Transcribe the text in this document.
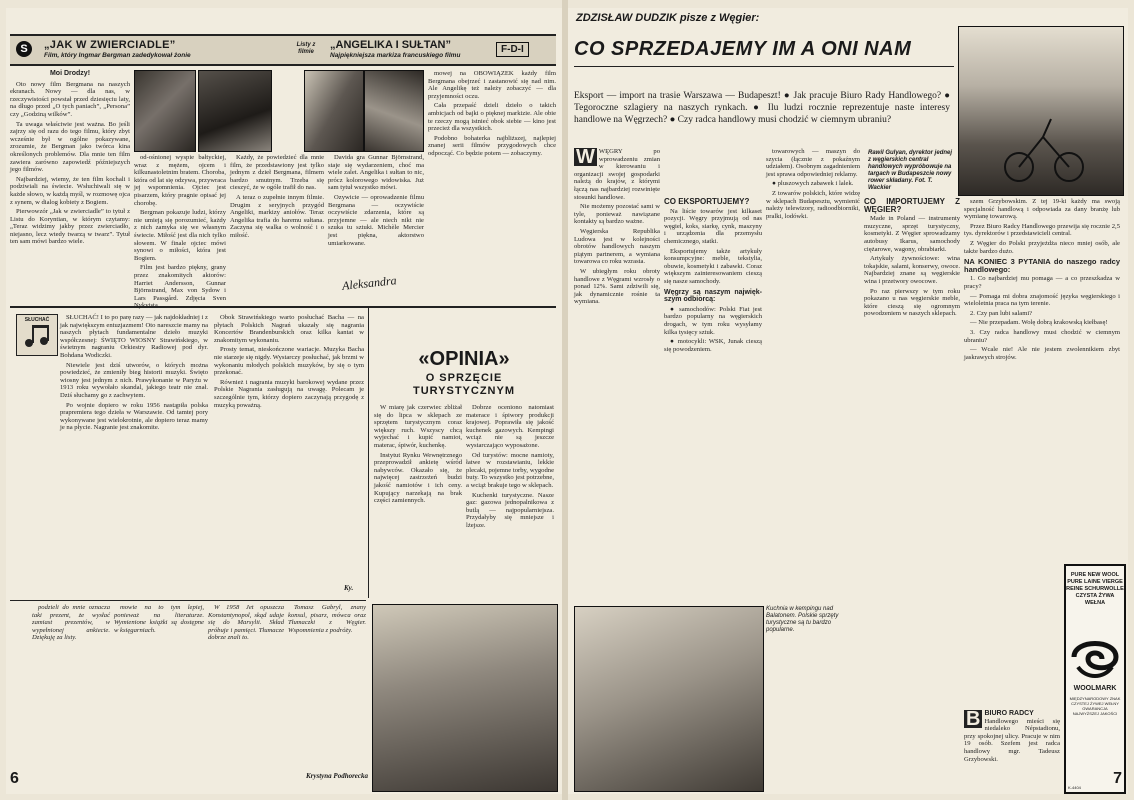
S	„JAK W ZWIERCIADLE”
Film, który Ingmar Bergman zadedykował żonie
Listy z filmie
„ANGELIKA I SUŁTAN”
Najpiękniejsza markiza francuskiego filmu
F-D-I
Moi Drodzy!

Oto nowy film Bergmana na naszych ekranach. Nowy — dla nas, w rzeczywistości powstał przed dziesięciu laty, na długo przed „O tych paniach”, „Persona” czy „Godziną wilków”.

Ta uwaga właściwie jest ważna. Bo jeśli zajrzy się od razu do tego filmu, który zbyt wcześnie był w ogólne pokazywane, zrozumie, że Bergman jako twórca kina określonych problemów. Dla mnie ten film zawiera zarówno zapowiedź późniejszych jego filmów.

Najbardziej, wiemy, że ten film kochali i podziwiali na świecie. Wsłuchiwali się w każde słowo, w każdą myśl, w rozmowę ojca z synem, w dialog kobiety z Bogiem.

Pierwowzór „Jak w zwierciadle” to tytuł z Listu do Koryntian, w którym czytamy: „Teraz widzimy jakby przez zwierciadło, niejasno, lecz wtedy twarzą w twarz”. Tytuł ten sam mówi bardzo wiele.

mowej na OBOWIĄZEK każdy film Bergmana obejrzeć i zastanowić się nad nim. Ale Angelikę też należy zobaczyć — dla przyjemności oczu.

Cała przepaść dzieli dzieło o takich ambicjach od bajki o pięknej markizie. Ale obie te rzeczy mogą istnieć obok siebie — kino jest przecież dla wszystkich.

Podobno bohaterka najbliższej, najlepiej znanej serii filmów przygodowych chce odpocząć. Co będzie potem — zobaczymy.

od-ośnionej wyspie bałtyckiej, wraz z mężem, ojcem i kilkunastoletnim bratem. Choroba, która od lat się odzywa, przywraca jej wspomnienia. Ojciec jest pisarzem, który pragnie opisać jej chorobę.

Bergman pokazuje ludzi, którzy nie umieją się porozumieć, każdy z nich zamyka się we własnym świecie. Miłość jest dla nich tylko słowem. W finale ojciec mówi synowi o miłości, która jest Bogiem.

Film jest bardzo piękny, grany przez znakomitych aktorów: Harriet Andersson, Gunnar Björnstrand, Max von Sydow i Lars Passgård. Zdjęcia Sven

Każdy, że powiedzieć dla mnie film, że przedstawiony jest tylko jednym z dzieł Bergmana, filmem bardzo smutnym. Trzeba się cieszyć, że w ogóle trafił do nas.

A teraz o zupełnie innym filmie. Drugim z seryjnych przygód Angeliki, markizy aniołów. Teraz Angelika trafia do haremu sułtana. Zaczyna się walka o wolność i o miłość.

Davida gra Gunnar Björnstrand, staje się wydarzeniem, choć ma wiele zalet. Angelika i sułtan to nic, prócz kolorowego widowiska. Już sam tytuł wszystko mówi.

Ozywicie — oprowadzenie filmu Bergmana — oczywiście oczywiście zdarzenia, które są przyjemne — ale niech nikt nie szuka tu sztuki. Michèle Mercier jest piękna, aktorstwo umiarkowane.

Aleksandra
SŁUCHAĆ	SŁUCHAĆ! I to po parę razy — jak najdokładniej i z jak największym entuzjazmem! Oto nareszcie mamy na naszych płytach fundamentalne dzieło muzyki współczesnej: ŚWIĘTO WIOSNY Strawińskiego, w świetnym nagraniu Orkiestry Radiowej pod dyr. Bohdana Wodiczki.

Niewiele jest dziś utworów, o których można powiedzieć, że zmieniły bieg historii muzyki. Święto wiosny jest jednym z nich. Prawykonanie w Paryżu w 1913 roku wywołało skandal, jakiego teatr nie znał. Dziś słuchamy go z zachwytem.

Po wojnie dopiero w roku 1956 nastąpiła polska prapremiera tego dzieła w Warszawie. Od tamtej pory wykonywane jest wielokrotnie, ale dopiero teraz mamy je na płycie. Nagranie jest znakomite.

Obok Strawińskiego warto posłuchać Bacha — na płytach Polskich Nagrań ukazały się nagrania Koncertów Brandenburskich oraz kilka kantat w znakomitym wykonaniu.

Prosty temat, nieskończone wariacje. Muzyka Bacha nie starzeje się nigdy. Wystarczy posłuchać, jak brzmi w wykonaniu młodych polskich muzyków, by się o tym przekonać.

Również i nagrania muzyki barokowej wydane przez Polskie Nagrania zasługują na uwagę. Polecam je szczególnie tym, którzy dopiero zaczynają przygodę z muzyką poważną.

Ky.
«OPINIA»
O SPRZĘCIE TURYSTYCZNYM

W miarę jak czerwiec zbliżał się do lipca w sklepach ze sprzętem turystycznym coraz większy ruch. Wszyscy chcą wyjechać i kupić namiot, materac, śpiwór, kuchenkę.

Instytut Rynku Wewnętrznego przeprowadził ankietę wśród nabywców. Okazało się, że najwięcej zastrzeżeń budzi jakość namiotów i ich ceny. Kupujący narzekają na brak części zamiennych.

Dobrze oceniono natomiast materace i śpiwory produkcji krajowej. Poprawiła się jakość kuchenek gazowych. Kempingi wciąż nie są jeszcze wystarczająco wyposażone.

Od turystów: mocne namioty, łatwe w rozstawianiu, lekkie plecaki, pojemne torby, wygodne buty. To wszystko jest potrzebne, a wciąż brakuje tego w sklepach.

Kuchenki turystyczne. Nasze gaz: gazowa jednopalnikowa z butlą — najpopularniejsza. Przydałyby się mniejsze i lżejsze.

podzieli do mnie oznacza taki prezent, że wysłać zamiast prezentów, w wypełnionej ankiecie. Dziękuję za listy.

mowie na to tym lepiej, ponieważ na literaturze. Wymienione książki są dostępne w księgarniach.

W 1958 Jet opuszcza Konstantynopol, skąd udaje się do Marsylii. Skład próbuje i pamięci. Tłumacze dobrze znali to.

Tomasz Gabryl, znany konsul, pisarz, mówca oraz Tłumaczki z Węgier. Wspomnienia z podróży.

Krystyna Podhorecka
6
ZDZISŁAW DUDZIK pisze z Węgier:
CO SPRZEDAJEMY IM A ONI NAM
Eksport — import na trasie Warszawa — Budapeszt! ● Jak pracuje Biuro Rady Handlowego? ● Tegoroczne szlagiery na naszych rynkach. ● Ilu ludzi rocznie reprezentuje naste interesy handlowe na Węgrzech? ● Czy radca handlowy musi chodzić w ciemnym ubraniu?
Rawil Gulyan, dyrektor jednej z węgierskich central handlowych wypróbowuje na targach w Budapeszcie nowy rower składany. Fot. T. Wackier
W WĘGRY po wprowadzeniu zmian w kierowaniu i organizacji swojej gospodarki należą do krajów, z którymi łączą nas najbardziej rozwinięte stosunki handlowe.

Nie możemy pozostać sami w tyle, ponieważ nawiązane kontakty są bardzo ważne.

Węgierska Republika Ludowa jest w kolejności obrotów handlowych naszym piątym partnerem, a wymiana towarowa co roku wzrasta.

W ubiegłym roku obroty handlowe z Węgrami wzrosły o ponad 12%. Sami zdziwili się, jak dynamicznie rośnie ta wymiana.

CO EKSPORTUJEMY?

Na liście towarów jest kilkaset pozycji. Węgry przyjmują od nas węgiel, koks, siarkę, cynk, maszyny i urządzenia dla przemysłu chemicznego, statki.

Eksportujemy także artykuły konsumpcyjne: meble, tekstylia, obuwie, kosmetyki i zabawki. Coraz większym zainteresowaniem cieszą się nasze samochody.

Węgrzy są naszym największym odbiorcą:

● samochodów: Polski Fiat jest bardzo popularny na węgierskich drogach, w tym roku wysyłamy kilka tysięcy sztuk.

● motocykli: WSK, Junak cieszą się powodzeniem.

towarowych — maszyn do szycia (łącznie z pokaźnym udziałem). Osobnym zagadnieniem jest sprawa odpowiedniej reklamy.

● pluszowych zabawek i lalek.

Z towarów polskich, które widzę w sklepach Budapesztu, wymienić należy telewizory, radioodbiorniki, pralki, lodówki.

CO IMPORTUJEMY Z WĘGIER?

Made in Poland — instrumenty muzyczne, sprzęt turystyczny, kosmetyki. Z Węgier sprowadzamy autobusy Ikarus, samochody ciężarowe, wagony, obrabiarki.

Artykuły żywnościowe: wina tokajskie, salami, konserwy, owoce. Najbardziej znane są węgierskie wina i przetwory owocowe.

Po raz pierwszy w tym roku pokazano u nas węgierskie meble, które cieszą się ogromnym powodzeniem w naszych sklepach.

szem Grzybowskim. Z tej 19-ki każdy ma swoją specjalność handlową i odpowiada za dany branżę lub wymianę towarową.

Przez Biuro Radcy Handlowego przewija się rocznie 2,5 tys. dyrektorów i przedstawicieli central.

Z Węgier do Polski przyjeżdża nieco mniej osób, ale także bardzo dużo.

NA KONIEC 3 PYTANIA do naszego radcy handlowego:

1. Co najbardziej mu pomaga — a co przeszkadza w pracy?

— Pomaga mi dobra znajomość języka węgierskiego i wieloletnia praca na tym terenie.

2. Czy pan lubi salami?

— Nie przepadam. Wolę dobrą krakowską kiełbasę!

3. Czy radca handlowy musi chodzić w ciemnym ubraniu?

— Wcale nie! Ale nie jestem zwolennikiem zbyt jaskrawych strojów.

Kuchnia w kempingu nad Balatonem. Polskie sprzęty turystyczne są tu bardzo popularne.
B BIURO RADCY

Handlowego mieści się niedaleko Népstadionu, przy spokojnej ulicy. Pracuje w nim 19 osób. Szefem jest radca handlowy mgr. Tadeusz Grzybowski.

PURE NEW WOOL
PURE LAINE VIERGE
REINE SCHURWOLLE
CZYSTA ŻYWA WEŁNA
WOOLMARK
MIĘDZYNARODOWY ZNAK
CZYSTEJ ŻYWEJ WEŁNY
GWARANCJA
NAJWYŻSZEJ JAKOŚCI
K-4404
7
